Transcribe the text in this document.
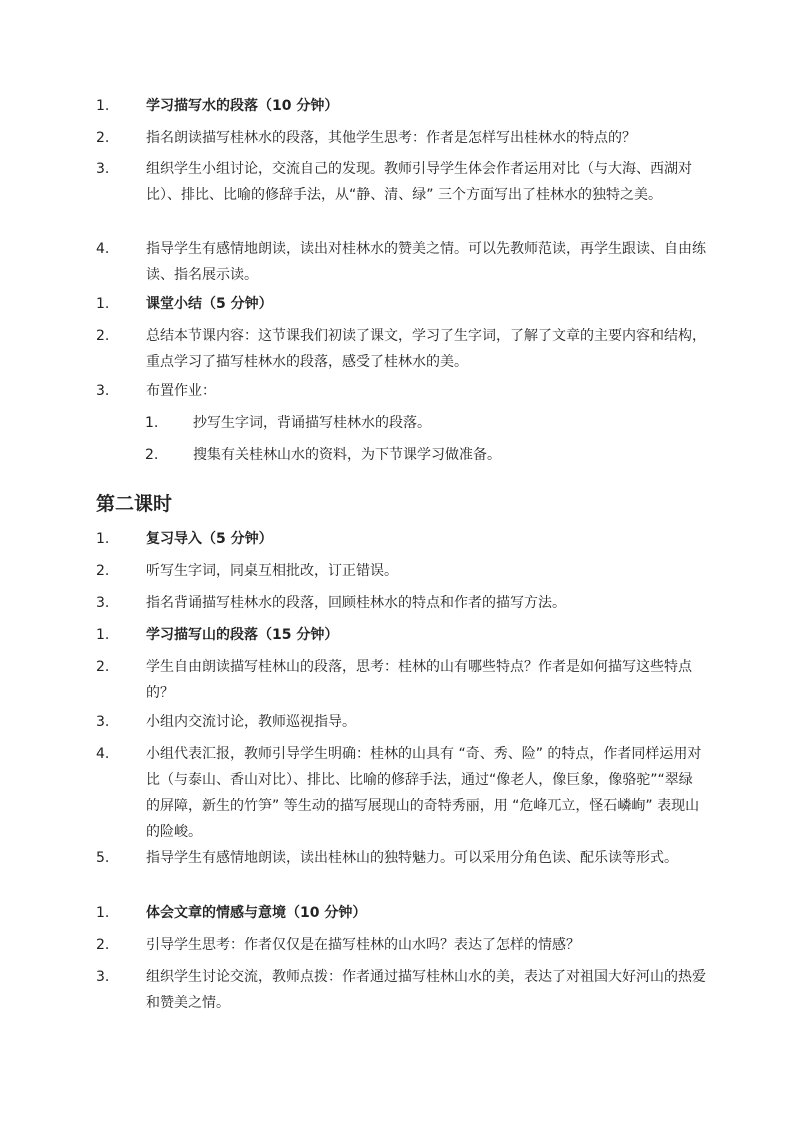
1.	学习描写水的段落（10 分钟）
2.	指名朗读描写桂林水的段落，其他学生思考：作者是怎样写出桂林水的特点的？
3.	组织学生小组讨论，交流自己的发现。教师引导学生体会作者运用对比（与大海、西湖对比）、排比、比喻的修辞手法，从“静、清、绿” 三个方面写出了桂林水的独特之美。
4.	指导学生有感情地朗读，读出对桂林水的赞美之情。可以先教师范读，再学生跟读、自由练读、指名展示读。
1.	课堂小结（5 分钟）
2.	总结本节课内容：这节课我们初读了课文，学习了生字词，了解了文章的主要内容和结构，重点学习了描写桂林水的段落，感受了桂林水的美。
3.	布置作业：
1. 抄写生字词，背诵描写桂林水的段落。
2. 搜集有关桂林山水的资料，为下节课学习做准备。
第二课时
1.	复习导入（5 分钟）
2.	听写生字词，同桌互相批改，订正错误。
3.	指名背诵描写桂林水的段落，回顾桂林水的特点和作者的描写方法。
1.	学习描写山的段落（15 分钟）
2.	学生自由朗读描写桂林山的段落，思考：桂林的山有哪些特点？作者是如何描写这些特点的？
3.	小组内交流讨论，教师巡视指导。
4.	小组代表汇报，教师引导学生明确：桂林的山具有 “奇、秀、险” 的特点，作者同样运用对比（与泰山、香山对比）、排比、比喻的修辞手法，通过“像老人，像巨象，像骆驼”“翠绿的屏障，新生的竹笋” 等生动的描写展现山的奇特秀丽，用 “危峰兀立，怪石嶙峋” 表现山的险峻。
5.	指导学生有感情地朗读，读出桂林山的独特魅力。可以采用分角色读、配乐读等形式。
1.	体会文章的情感与意境（10 分钟）
2.	引导学生思考：作者仅仅是在描写桂林的山水吗？表达了怎样的情感？
3.	组织学生讨论交流，教师点拨：作者通过描写桂林山水的美，表达了对祖国大好河山的热爱和赞美之情。
